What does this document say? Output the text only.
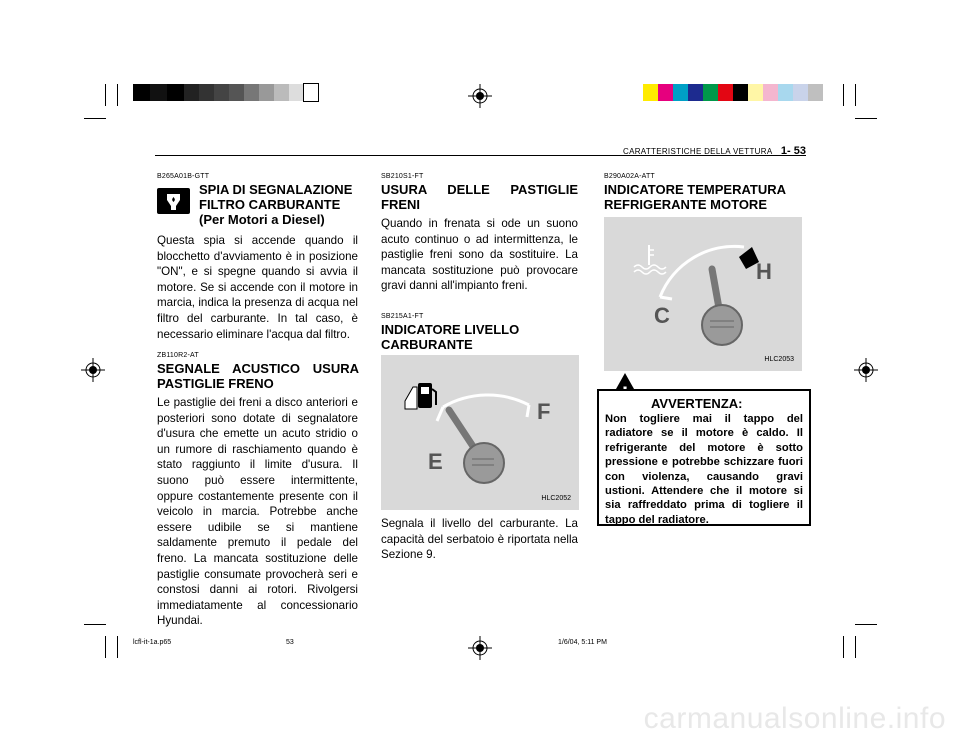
CARATTERISTICHE DELLA VETTURA 1- 53
B265A01B-GTT
SPIA DI SEGNALAZIONE
FILTRO CARBURANTE
(Per Motori a Diesel)
Questa spia si accende quando il blocchetto d'avviamento è in posizione "ON", e si spegne quando si avvia il motore. Se si accende con il motore in marcia, indica la presenza di acqua nel filtro del carburante. In tal caso, è necessario eliminare l'acqua dal filtro.
ZB110R2-AT
SEGNALE ACUSTICO USURA
PASTIGLIE FRENO
Le pastiglie dei freni a disco anteriori e posteriori sono dotate di segnalatore d'usura che emette un acuto stridio o un rumore di raschiamento quando è stato raggiunto il limite d'usura. Il suono può essere intermittente, oppure costantemente presente con il veicolo in marcia. Potrebbe anche essere udibile se si mantiene saldamente premuto il pedale del freno. La mancata sostituzione delle pastiglie consumate provocherà seri e constosi danni ai rotori. Rivolgersi immediatamente al concessionario Hyundai.
SB210S1-FT
USURA DELLE PASTIGLIE
FRENI
Quando in frenata si ode un suono acuto continuo o ad intermittenza, le pastiglie freni sono da sostituire. La mancata sostituzione può provocare gravi danni all'impianto freni.
SB215A1-FT
INDICATORE LIVELLO
CARBURANTE
F
E
HLC2052
Segnala il livello del carburante. La capacità del serbatoio è riportata nella Sezione 9.
B290A02A-ATT
INDICATORE TEMPERATURA
REFRIGERANTE MOTORE
H
C
HLC2053
AVVERTENZA:
Non togliere mai il tappo del radiatore se il motore è caldo. Il refrigerante del motore è sotto pressione e potrebbe schizzare fuori con violenza, causando gravi ustioni. Attendere che il motore si sia raffreddato prima di togliere il tappo del radiatore.
lcfl-it-1a.p65	53	1/6/04, 5:11 PM
carmanualsonline.info
